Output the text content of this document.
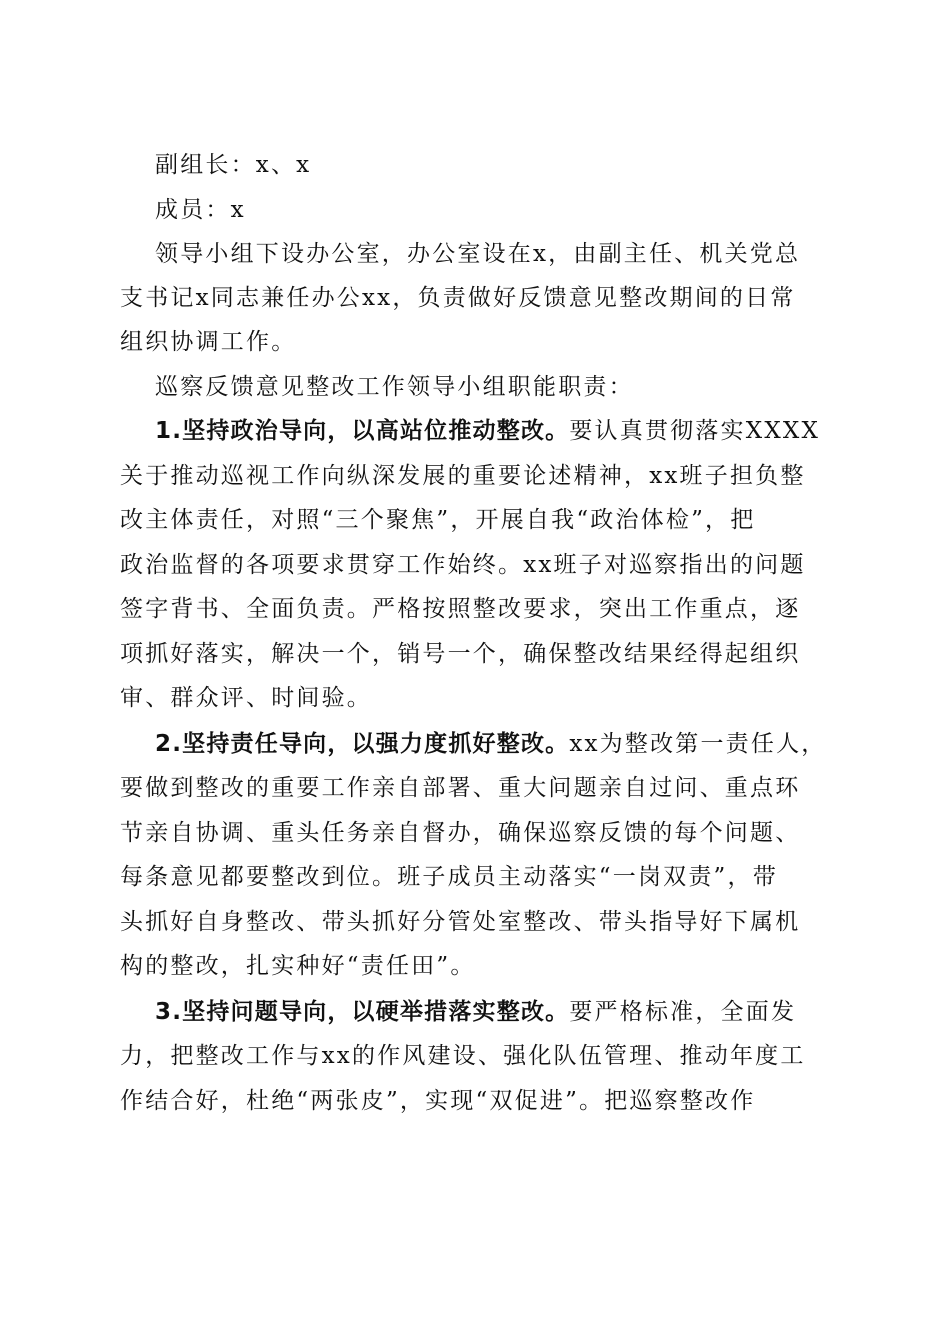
副组长：x、x
成员：x
领导小组下设办公室，办公室设在x，由副主任、机关党总
支书记x同志兼任办公xx，负责做好反馈意见整改期间的日常
组织协调工作。
巡察反馈意见整改工作领导小组职能职责：
1.坚持政治导向，以高站位推动整改。要认真贯彻落实XXXX
关于推动巡视工作向纵深发展的重要论述精神，xx班子担负整
改主体责任，对照“三个聚焦”，开展自我“政治体检”，把
政治监督的各项要求贯穿工作始终。xx班子对巡察指出的问题
签字背书、全面负责。严格按照整改要求，突出工作重点，逐
项抓好落实，解决一个，销号一个，确保整改结果经得起组织
审、群众评、时间验。
2.坚持责任导向，以强力度抓好整改。xx为整改第一责任人，
要做到整改的重要工作亲自部署、重大问题亲自过问、重点环
节亲自协调、重头任务亲自督办，确保巡察反馈的每个问题、
每条意见都要整改到位。班子成员主动落实“一岗双责”，带
头抓好自身整改、带头抓好分管处室整改、带头指导好下属机
构的整改，扎实种好“责任田”。
3.坚持问题导向，以硬举措落实整改。要严格标准，全面发
力，把整改工作与xx的作风建设、强化队伍管理、推动年度工
作结合好，杜绝“两张皮”，实现“双促进”。把巡察整改作
